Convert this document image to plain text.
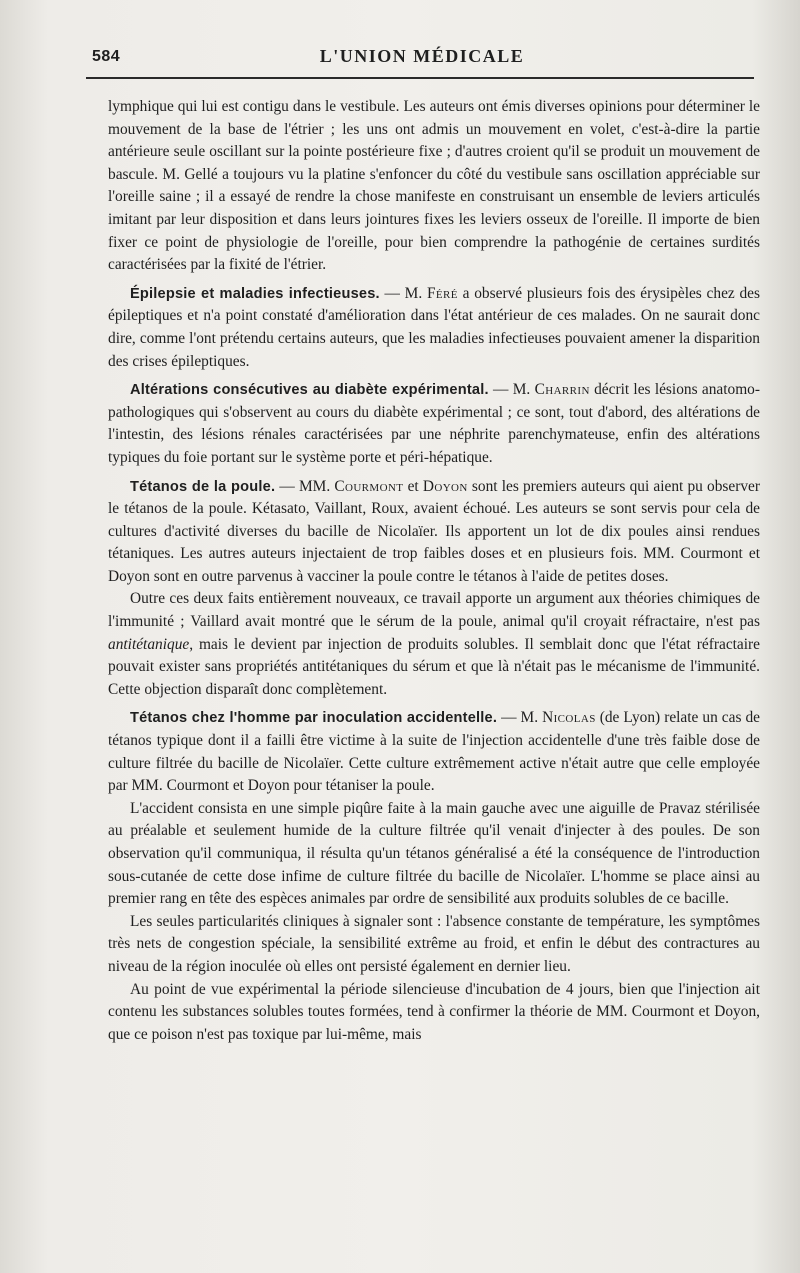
584	L'UNION MÉDICALE

lymphique qui lui est contigu dans le vestibule. Les auteurs ont émis diverses opinions pour déterminer le mouvement de la base de l'étrier ; les uns ont admis un mouvement en volet, c'est-à-dire la partie antérieure seule oscillant sur la pointe postérieure fixe ; d'autres croient qu'il se produit un mouvement de bascule. M. Gellé a toujours vu la platine s'enfoncer du côté du vestibule sans oscillation appréciable sur l'oreille saine ; il a essayé de rendre la chose manifeste en construisant un ensemble de leviers articulés imitant par leur disposition et dans leurs jointures fixes les leviers osseux de l'oreille. Il importe de bien fixer ce point de physiologie de l'oreille, pour bien comprendre la pathogénie de certaines surdités caractérisées par la fixité de l'étrier.

Épilepsie et maladies infectieuses. — M. Féré a observé plusieurs fois des érysipèles chez des épileptiques et n'a point constaté d'amélioration dans l'état antérieur de ces malades. On ne saurait donc dire, comme l'ont prétendu certains auteurs, que les maladies infectieuses pouvaient amener la disparition des crises épileptiques.

Altérations consécutives au diabète expérimental. — M. Charrin décrit les lésions anatomo-pathologiques qui s'observent au cours du diabète expérimental ; ce sont, tout d'abord, des altérations de l'intestin, des lésions rénales caractérisées par une néphrite parenchymateuse, enfin des altérations typiques du foie portant sur le système porte et péri-hépatique.

Tétanos de la poule. — MM. Courmont et Doyon sont les premiers auteurs qui aient pu observer le tétanos de la poule. Kétasato, Vaillant, Roux, avaient échoué. Les auteurs se sont servis pour cela de cultures d'activité diverses du bacille de Nicolaïer. Ils apportent un lot de dix poules ainsi rendues tétaniques. Les autres auteurs injectaient de trop faibles doses et en plusieurs fois. MM. Courmont et Doyon sont en outre parvenus à vacciner la poule contre le tétanos à l'aide de petites doses.

Outre ces deux faits entièrement nouveaux, ce travail apporte un argument aux théories chimiques de l'immunité ; Vaillard avait montré que le sérum de la poule, animal qu'il croyait réfractaire, n'est pas antitétanique, mais le devient par injection de produits solubles. Il semblait donc que l'état réfractaire pouvait exister sans propriétés antitétaniques du sérum et que là n'était pas le mécanisme de l'immunité. Cette objection disparaît donc complètement.

Tétanos chez l'homme par inoculation accidentelle. — M. Nicolas (de Lyon) relate un cas de tétanos typique dont il a failli être victime à la suite de l'injection accidentelle d'une très faible dose de culture filtrée du bacille de Nicolaïer. Cette culture extrêmement active n'était autre que celle employée par MM. Courmont et Doyon pour tétaniser la poule.

L'accident consista en une simple piqûre faite à la main gauche avec une aiguille de Pravaz stérilisée au préalable et seulement humide de la culture filtrée qu'il venait d'injecter à des poules. De son observation qu'il communiqua, il résulta qu'un tétanos généralisé a été la conséquence de l'introduction sous-cutanée de cette dose infime de culture filtrée du bacille de Nicolaïer. L'homme se place ainsi au premier rang en tête des espèces animales par ordre de sensibilité aux produits solubles de ce bacille.

Les seules particularités cliniques à signaler sont : l'absence constante de température, les symptômes très nets de congestion spéciale, la sensibilité extrême au froid, et enfin le début des contractures au niveau de la région inoculée où elles ont persisté également en dernier lieu.

Au point de vue expérimental la période silencieuse d'incubation de 4 jours, bien que l'injection ait contenu les substances solubles toutes formées, tend à confirmer la théorie de MM. Courmont et Doyon, que ce poison n'est pas toxique par lui-même, mais
